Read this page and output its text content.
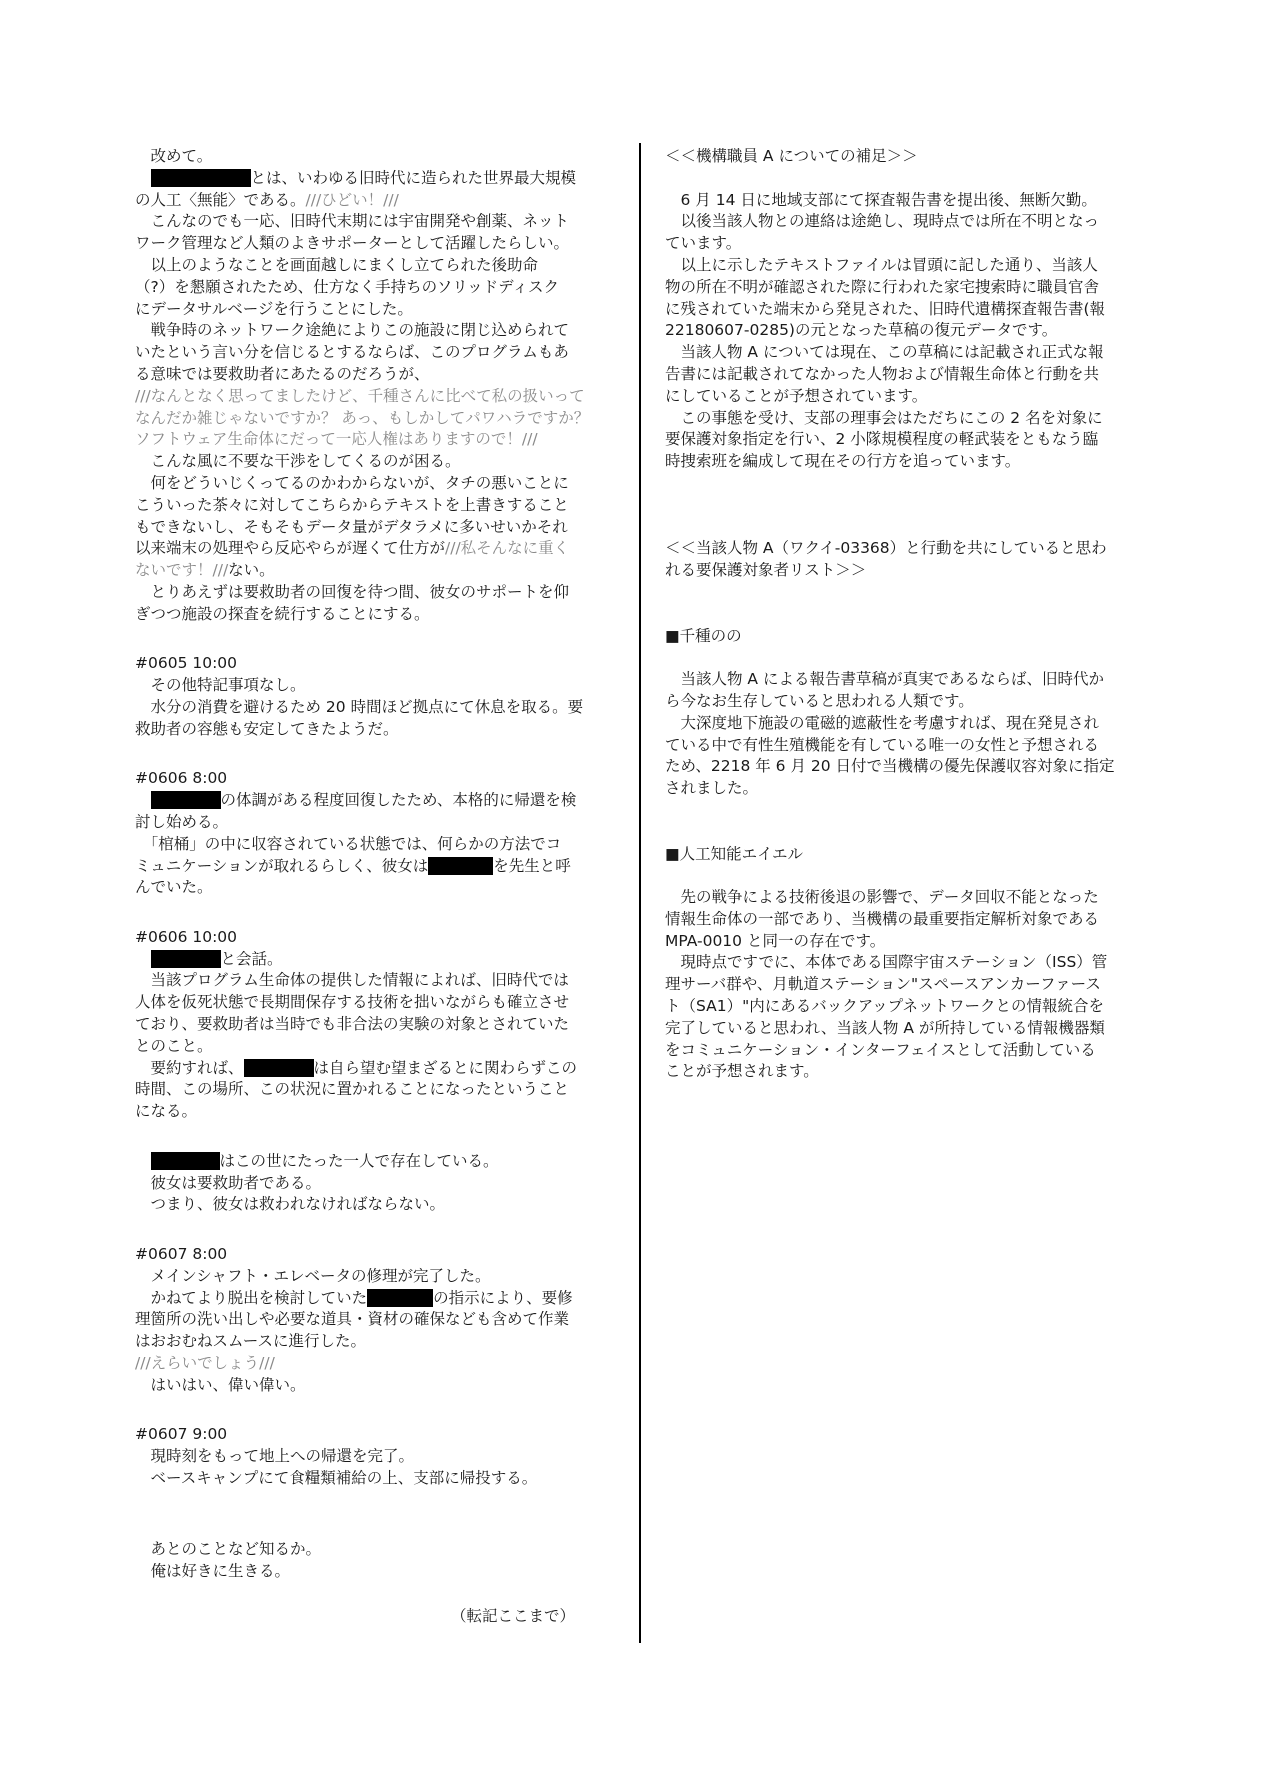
　改めて。
　とは、いわゆる旧時代に造られた世界最大規模
の人工〈無能〉である。///ひどい！///
　こんなのでも一応、旧時代末期には宇宙開発や創薬、ネット
ワーク管理など人類のよきサポーターとして活躍したらしい。
　以上のようなことを画面越しにまくし立てられた後助命
（?）を懇願されたため、仕方なく手持ちのソリッドディスク
にデータサルベージを行うことにした。
　戦争時のネットワーク途絶によりこの施設に閉じ込められて
いたという言い分を信じるとするならば、このプログラムもあ
る意味では要救助者にあたるのだろうが、
///なんとなく思ってましたけど、千種さんに比べて私の扱いって
なんだか雑じゃないですか？ あっ、もしかしてパワハラですか？
ソフトウェア生命体にだって一応人権はありますので！///
　こんな風に不要な干渉をしてくるのが困る。
　何をどういじくってるのかわからないが、タチの悪いことに
こういった茶々に対してこちらからテキストを上書きすること
もできないし、そもそもデータ量がデタラメに多いせいかそれ
以来端末の処理やら反応やらが遅くて仕方が///私そんなに重く
ないです！///ない。
　とりあえずは要救助者の回復を待つ間、彼女のサポートを仰
ぎつつ施設の探査を続行することにする。
#0605 10:00
　その他特記事項なし。
　水分の消費を避けるため 20 時間ほど拠点にて休息を取る。要
救助者の容態も安定してきたようだ。
#0606 8:00
　の体調がある程度回復したため、本格的に帰還を検
討し始める。
　「棺桶」の中に収容されている状態では、何らかの方法でコ
ミュニケーションが取れるらしく、彼女は	を先生と呼
んでいた。
#0606 10:00
　と会話。
　当該プログラム生命体の提供した情報によれば、旧時代では
人体を仮死状態で長期間保存する技術を拙いながらも確立させ
ており、要救助者は当時でも非合法の実験の対象とされていた
とのこと。
　要約すれば、	は自ら望む望まざるとに関わらずこの
時間、この場所、この状況に置かれることになったということ
になる。
　はこの世にたった一人で存在している。
　彼女は要救助者である。
　つまり、彼女は救われなければならない。
#0607 8:00
　メインシャフト・エレベータの修理が完了した。
　かねてより脱出を検討していた	の指示により、要修
理箇所の洗い出しや必要な道具・資材の確保なども含めて作業
はおおむねスムースに進行した。
///えらいでしょう///
　はいはい、偉い偉い。
#0607 9:00
　現時刻をもって地上への帰還を完了。
　ベースキャンプにて食糧類補給の上、支部に帰投する。
　あとのことなど知るか。
　俺は好きに生きる。
＜＜機構職員 A についての補足＞＞
　6 月 14 日に地域支部にて探査報告書を提出後、無断欠勤。
　以後当該人物との連絡は途絶し、現時点では所在不明となっ
ています。
　以上に示したテキストファイルは冒頭に記した通り、当該人
物の所在不明が確認された際に行われた家宅捜索時に職員官舎
に残されていた端末から発見された、旧時代遺構探査報告書(報
22180607-0285)の元となった草稿の復元データです。
　当該人物 A については現在、この草稿には記載され正式な報
告書には記載されてなかった人物および情報生命体と行動を共
にしていることが予想されています。
　この事態を受け、支部の理事会はただちにこの 2 名を対象に
要保護対象指定を行い、2 小隊規模程度の軽武装をともなう臨
時捜索班を編成して現在その行方を追っています。
＜＜当該人物 A（ワクイ-03368）と行動を共にしていると思わ
れる要保護対象者リスト＞＞
■千種のの
　当該人物 A による報告書草稿が真実であるならば、旧時代か
ら今なお生存していると思われる人類です。
　大深度地下施設の電磁的遮蔽性を考慮すれば、現在発見され
ている中で有性生殖機能を有している唯一の女性と予想される
ため、2218 年 6 月 20 日付で当機構の優先保護収容対象に指定
されました。
■人工知能エイエル
　先の戦争による技術後退の影響で、データ回収不能となった
情報生命体の一部であり、当機構の最重要指定解析対象である
MPA-0010 と同一の存在です。
　現時点ですでに、本体である国際宇宙ステーション（ISS）管
理サーバ群や、月軌道ステーション"スペースアンカーファース
ト（SA1）"内にあるバックアップネットワークとの情報統合を
完了していると思われ、当該人物 A が所持している情報機器類
をコミュニケーション・インターフェイスとして活動している
ことが予想されます。
（転記ここまで）
